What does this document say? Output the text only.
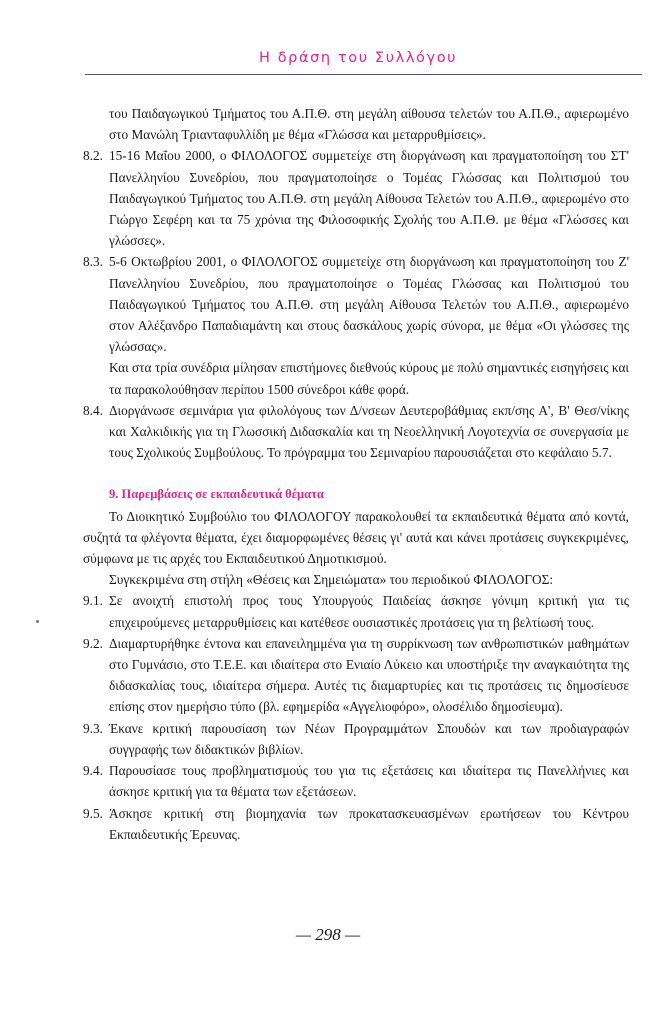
Η δράση του Συλλόγου

του Παιδαγωγικού Τμήματος του Α.Π.Θ. στη μεγάλη αίθουσα τελετών του Α.Π.Θ., αφιερωμένο στο Μανώλη Τριανταφυλλίδη με θέμα «Γλώσσα και μεταρρυθμίσεις».

8.2. 15-16 Μαΐου 2000, ο ΦΙΛΟΛΟΓΟΣ συμμετείχε στη διοργάνωση και πραγματοποίηση του ΣΤ' Πανελληνίου Συνεδρίου, που πραγματοποίησε ο Τομέας Γλώσσας και Πολιτισμού του Παιδαγωγικού Τμήματος του Α.Π.Θ. στη μεγάλη Αίθουσα Τελετών του Α.Π.Θ., αφιερωμένο στο Γιώργο Σεφέρη και τα 75 χρόνια της Φιλοσοφικής Σχολής του Α.Π.Θ. με θέμα «Γλώσσες και γλώσσες».
8.3. 5-6 Οκτωβρίου 2001, ο ΦΙΛΟΛΟΓΟΣ συμμετείχε στη διοργάνωση και πραγματοποίηση του Ζ' Πανελληνίου Συνεδρίου, που πραγματοποίησε ο Τομέας Γλώσσας και Πολιτισμού του Παιδαγωγικού Τμήματος του Α.Π.Θ. στη μεγάλη Αίθουσα Τελετών του Α.Π.Θ., αφιερωμένο στον Αλέξανδρο Παπαδιαμάντη και στους δασκάλους χωρίς σύνορα, με θέμα «Οι γλώσσες της γλώσσας».

Και στα τρία συνέδρια μίλησαν επιστήμονες διεθνούς κύρους με πολύ σημαντικές εισηγήσεις και τα παρακολούθησαν περίπου 1500 σύνεδροι κάθε φορά.

8.4. Διοργάνωσε σεμινάρια για φιλολόγους των Δ/νσεων Δευτεροβάθμιας εκπ/σης Α', Β' Θεσ/νίκης και Χαλκιδικής για τη Γλωσσική Διδασκαλία και τη Νεοελληνική Λογοτεχνία σε συνεργασία με τους Σχολικούς Συμβούλους. Το πρόγραμμα του Σεμιναρίου παρουσιάζεται στο κεφάλαιο 5.7.

9. Παρεμβάσεις σε εκπαιδευτικά θέματα

Το Διοικητικό Συμβούλιο του ΦΙΛΟΛΟΓΟΥ παρακολουθεί τα εκπαιδευτικά θέματα από κοντά, συζητά τα φλέγοντα θέματα, έχει διαμορφωμένες θέσεις γι' αυτά και κάνει προτάσεις συγκεκριμένες, σύμφωνα με τις αρχές του Εκπαιδευτικού Δημοτικισμού.

Συγκεκριμένα στη στήλη «Θέσεις και Σημειώματα» του περιοδικού ΦΙΛΟΛΟΓΟΣ:

9.1. Σε ανοιχτή επιστολή προς τους Υπουργούς Παιδείας άσκησε γόνιμη κριτική για τις επιχειρούμενες μεταρρυθμίσεις και κατέθεσε ουσιαστικές προτάσεις για τη βελτίωσή τους.
9.2. Διαμαρτυρήθηκε έντονα και επανειλημμένα για τη συρρίκνωση των ανθρωπιστικών μαθημάτων στο Γυμνάσιο, στο Τ.Ε.Ε. και ιδιαίτερα στο Ενιαίο Λύκειο και υποστήριξε την αναγκαιότητα της διδασκαλίας τους, ιδιαίτερα σήμερα. Αυτές τις διαμαρτυρίες και τις προτάσεις τις δημοσίευσε επίσης στον ημερήσιο τύπο (βλ. εφημερίδα «Αγγελιοφόρο», ολοσέλιδο δημοσίευμα).
9.3. Έκανε κριτική παρουσίαση των Νέων Προγραμμάτων Σπουδών και των προδιαγραφών συγγραφής των διδακτικών βιβλίων.
9.4. Παρουσίασε τους προβληματισμούς του για τις εξετάσεις και ιδιαίτερα τις Πανελλήνιες και άσκησε κριτική για τα θέματα των εξετάσεων.
9.5. Άσκησε κριτική στη βιομηχανία των προκατασκευασμένων ερωτήσεων του Κέντρου Εκπαιδευτικής Έρευνας.
— 298 —
